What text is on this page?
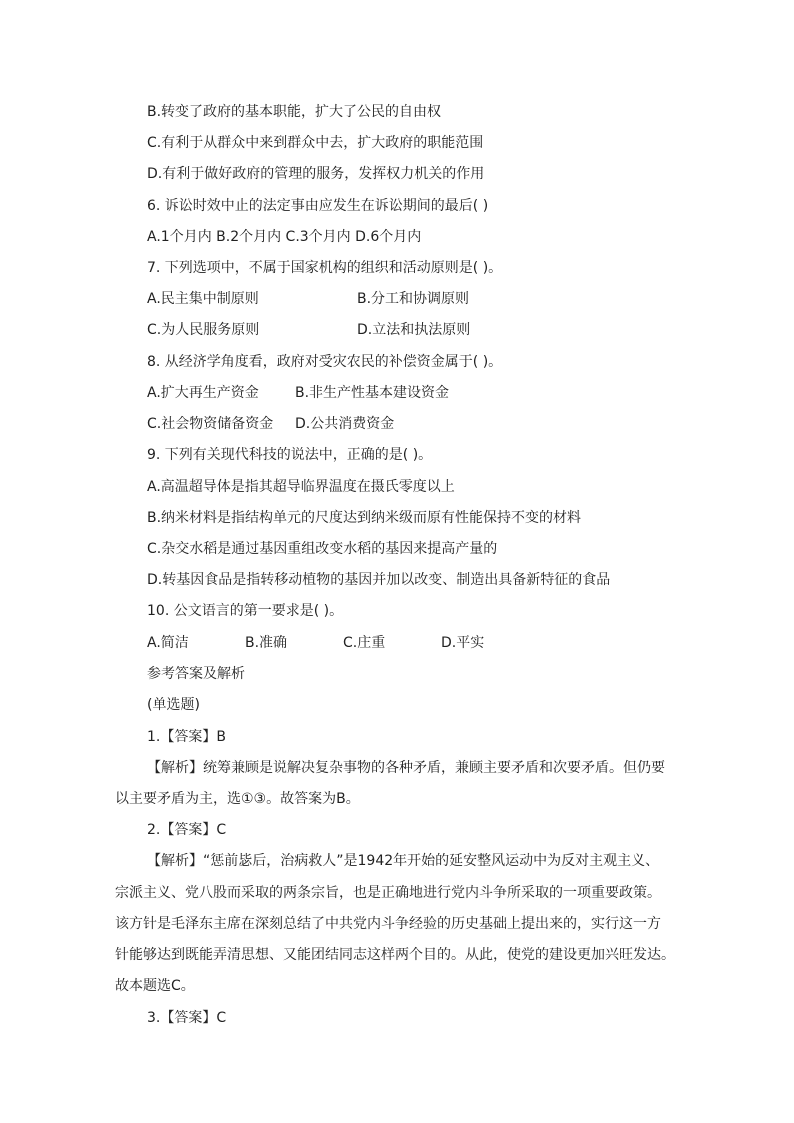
B.转变了政府的基本职能，扩大了公民的自由权
C.有利于从群众中来到群众中去，扩大政府的职能范围
D.有利于做好政府的管理的服务，发挥权力机关的作用
6. 诉讼时效中止的法定事由应发生在诉讼期间的最后( )
A.1个月内 B.2个月内 C.3个月内 D.6个月内
7. 下列选项中，不属于国家机构的组织和活动原则是( )。
A.民主集中制原则	B.分工和协调原则
C.为人民服务原则	D.立法和执法原则
8. 从经济学角度看，政府对受灾农民的补偿资金属于( )。
A.扩大再生产资金	B.非生产性基本建设资金
C.社会物资储备资金 D.公共消费资金
9. 下列有关现代科技的说法中，正确的是( )。
A.高温超导体是指其超导临界温度在摄氏零度以上
B.纳米材料是指结构单元的尺度达到纳米级而原有性能保持不变的材料
C.杂交水稻是通过基因重组改变水稻的基因来提高产量的
D.转基因食品是指转移动植物的基因并加以改变、制造出具备新特征的食品
10. 公文语言的第一要求是( )。
A.简洁	B.准确	C.庄重	D.平实
参考答案及解析
(单选题)
1.【答案】B
【解析】统筹兼顾是说解决复杂事物的各种矛盾，兼顾主要矛盾和次要矛盾。但仍要
以主要矛盾为主，选①③。故答案为B。
2.【答案】C
【解析】“惩前毖后，治病救人”是1942年开始的延安整风运动中为反对主观主义、
宗派主义、党八股而采取的两条宗旨，也是正确地进行党内斗争所采取的一项重要政策。
该方针是毛泽东主席在深刻总结了中共党内斗争经验的历史基础上提出来的，实行这一方
针能够达到既能弄清思想、又能团结同志这样两个目的。从此，使党的建设更加兴旺发达。
故本题选C。
3.【答案】C
